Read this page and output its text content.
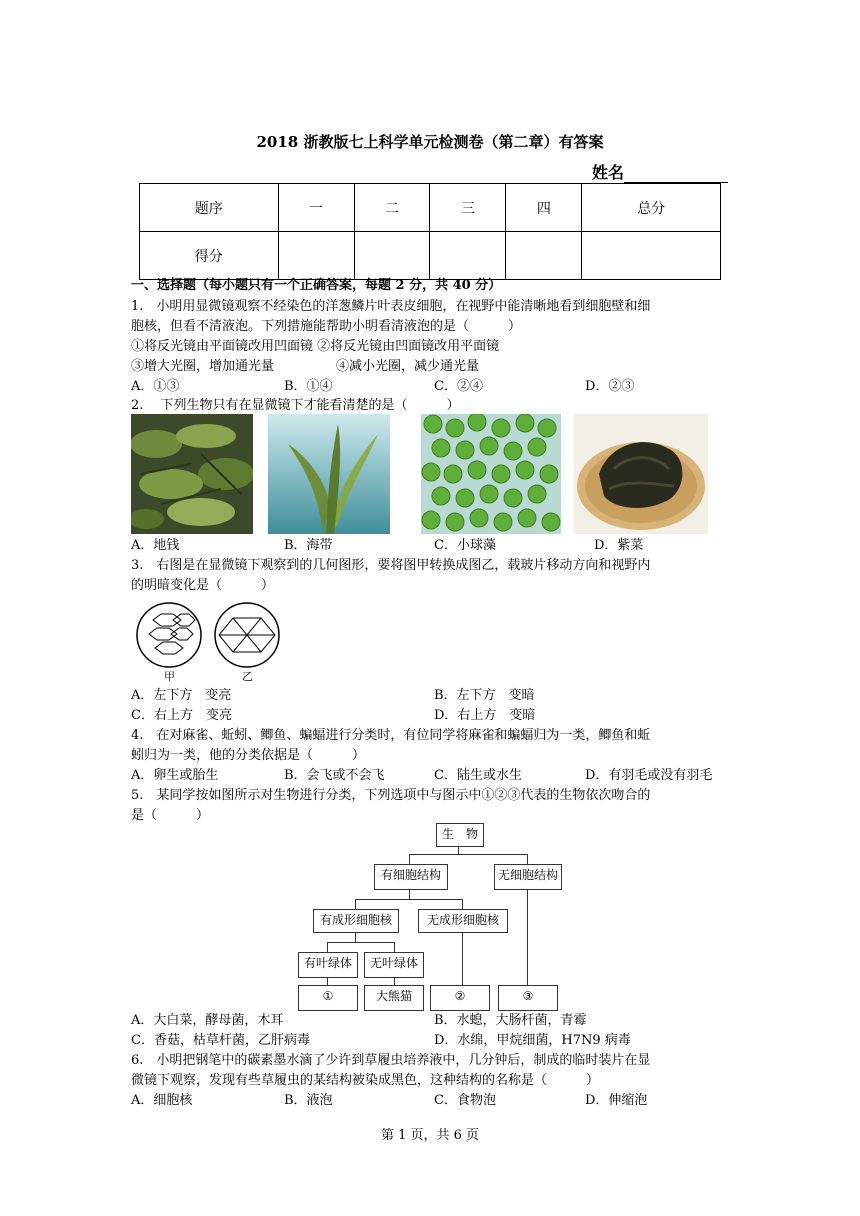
2018 浙教版七上科学单元检测卷（第二章）有答案
姓名
题序	一	二	三	四	总分
得分					
一、选择题（每小题只有一个正确答案，每题 2 分，共 40 分）
1.　小明用显微镜观察不经染色的洋葱鳞片叶表皮细胞，在视野中能清晰地看到细胞壁和细
胞核，但看不清液泡。下列措施能帮助小明看清液泡的是（　　　）
①将反光镜由平面镜改用凹面镜 ②将反光镜由凹面镜改用平面镜
③增大光圈，增加通光量	④减小光圈，减少通光量
A．①③	B．①④	C．②④	D．②③
2.　 下列生物只有在显微镜下才能看清楚的是（　　　）
A．地钱	B．海带	C．小球藻	D．紫菜
3.　右图是在显微镜下观察到的几何图形，要将图甲转换成图乙，载玻片移动方向和视野内
的明暗变化是（　　　）
甲	乙
A．左下方　变亮	B．左下方　变暗
C．右上方　变亮	D．右上方　变暗
4.　在对麻雀、蚯蚓、鲫鱼、蝙蝠进行分类时，有位同学将麻雀和蝙蝠归为一类，鲫鱼和蚯
蚓归为一类，他的分类依据是（　　　）
A．卵生或胎生	B．会飞或不会飞	C．陆生或水生	D．有羽毛或没有羽毛
5.　某同学按如图所示对生物进行分类，下列选项中与图示中①②③代表的生物依次吻合的
是（　　　）
生　物
有细胞结构	无细胞结构
有成形细胞核	无成形细胞核
有叶绿体	无叶绿体
①	大熊猫	②	③
A．大白菜，酵母菌，木耳	B．水螅，大肠杆菌，青霉
C．香菇，枯草杆菌，乙肝病毒	D．水绵，甲烷细菌，H7N9 病毒
6.　小明把钢笔中的碳素墨水滴了少许到草履虫培养液中，几分钟后，制成的临时装片在显
微镜下观察，发现有些草履虫的某结构被染成黑色，这种结构的名称是（　　　）
A．细胞核	B．液泡	C．食物泡	D．伸缩泡
第 1 页，共 6 页
